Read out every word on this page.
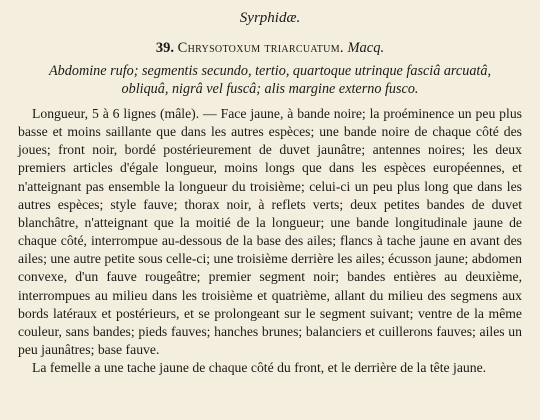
Syrphidæ.
39. Chrysotoxum triarcuatum. Macq.
Abdomine rufo; segmentis secundo, tertio, quartoque utrinque fasciâ arcuatâ, obliquâ, nigrâ vel fuscâ; alis margine externo fusco.

Longueur, 5 à 6 lignes (mâle). — Face jaune, à bande noire; la proéminence un peu plus basse et moins saillante que dans les autres espèces; une bande noire de chaque côté des joues; front noir, bordé postérieurement de duvet jaunâtre; antennes noires; les deux premiers articles d'égale longueur, moins longs que dans les espèces européennes, et n'atteignant pas ensemble la longueur du troisième; celui-ci un peu plus long que dans les autres espèces; style fauve; thorax noir, à reflets verts; deux petites bandes de duvet blanchâtre, n'atteignant que la moitié de la longueur; une bande longitudinale jaune de chaque côté, interrompue au-dessous de la base des ailes; flancs à tache jaune en avant des ailes; une autre petite sous celle-ci; une troisième derrière les ailes; écusson jaune; abdomen convexe, d'un fauve rougeâtre; premier segment noir; bandes entières au deuxième, interrompues au milieu dans les troisième et quatrième, allant du milieu des segmens aux bords latéraux et postérieurs, et se prolongeant sur le segment suivant; ventre de la même couleur, sans bandes; pieds fauves; hanches brunes; balanciers et cuillerons fauves; ailes un peu jaunâtres; base fauve.

La femelle a une tache jaune de chaque côté du front, et le derrière de la tête jaune.
